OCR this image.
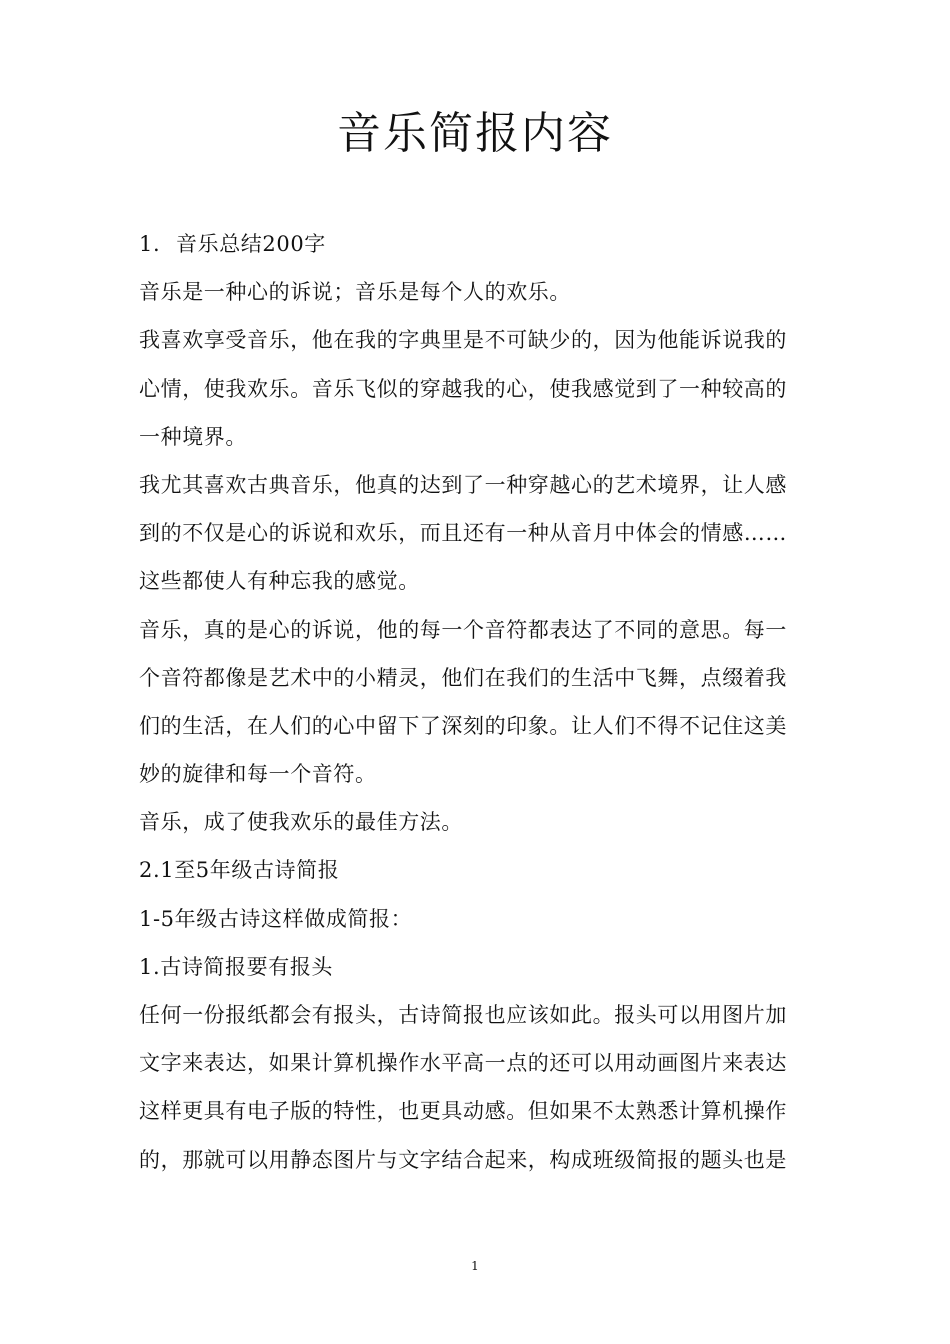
音乐简报内容
1. 音乐总结200字
音乐是一种心的诉说；音乐是每个人的欢乐。
我喜欢享受音乐，他在我的字典里是不可缺少的，因为他能诉说我的
心情，使我欢乐。音乐飞似的穿越我的心，使我感觉到了一种较高的
一种境界。
我尤其喜欢古典音乐，他真的达到了一种穿越心的艺术境界，让人感
到的不仅是心的诉说和欢乐，而且还有一种从音月中体会的情感……
这些都使人有种忘我的感觉。
音乐，真的是心的诉说，他的每一个音符都表达了不同的意思。每一
个音符都像是艺术中的小精灵，他们在我们的生活中飞舞，点缀着我
们的生活，在人们的心中留下了深刻的印象。让人们不得不记住这美
妙的旋律和每一个音符。
音乐，成了使我欢乐的最佳方法。
2.1至5年级古诗简报
1-5年级古诗这样做成简报：
1.古诗简报要有报头
任何一份报纸都会有报头，古诗简报也应该如此。报头可以用图片加
文字来表达，如果计算机操作水平高一点的还可以用动画图片来表达
这样更具有电子版的特性，也更具动感。但如果不太熟悉计算机操作
的，那就可以用静态图片与文字结合起来，构成班级简报的题头也是
1
